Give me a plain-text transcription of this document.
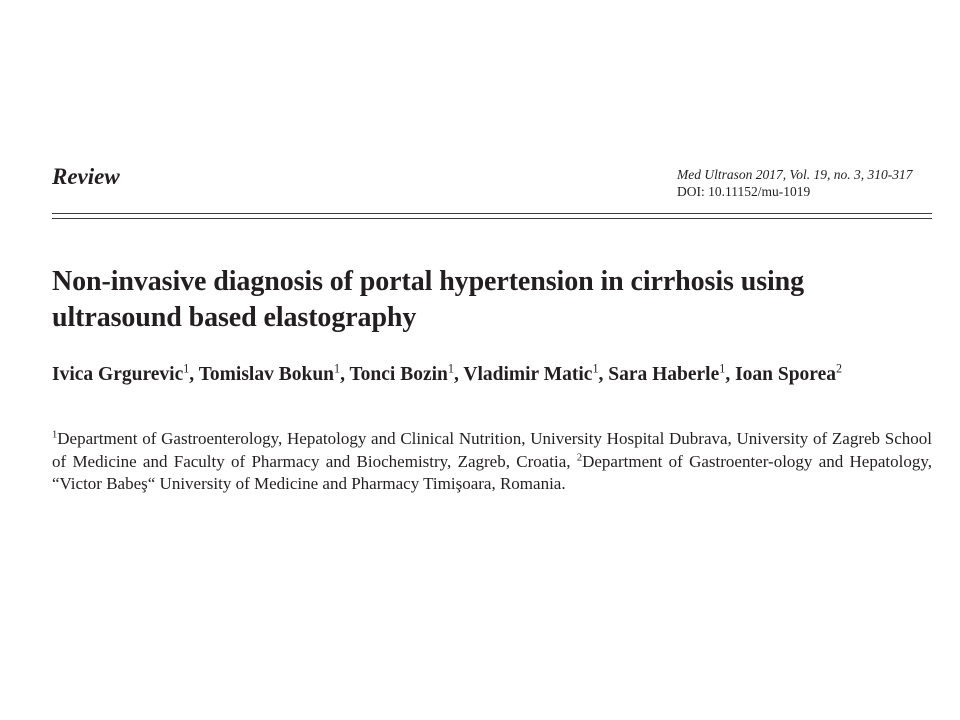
Review	Med Ultrason 2017, Vol. 19, no. 3, 310-317
DOI: 10.11152/mu-1019
Non-invasive diagnosis of portal hypertension in cirrhosis using ultrasound based elastography

Ivica Grgurevic$^1$, Tomislav Bokun$^1$, Tonci Bozin$^1$, Vladimir Matic$^1$, Sara Haberle$^1$, Ioan Sporea$^2$

$^1$Department of Gastroenterology, Hepatology and Clinical Nutrition, University Hospital Dubrava, University of Zagreb School of Medicine and Faculty of Pharmacy and Biochemistry, Zagreb, Croatia, $^2$Department of Gastroenter-ology and Hepatology, “Victor Babeş“ University of Medicine and Pharmacy Timişoara, Romania.
